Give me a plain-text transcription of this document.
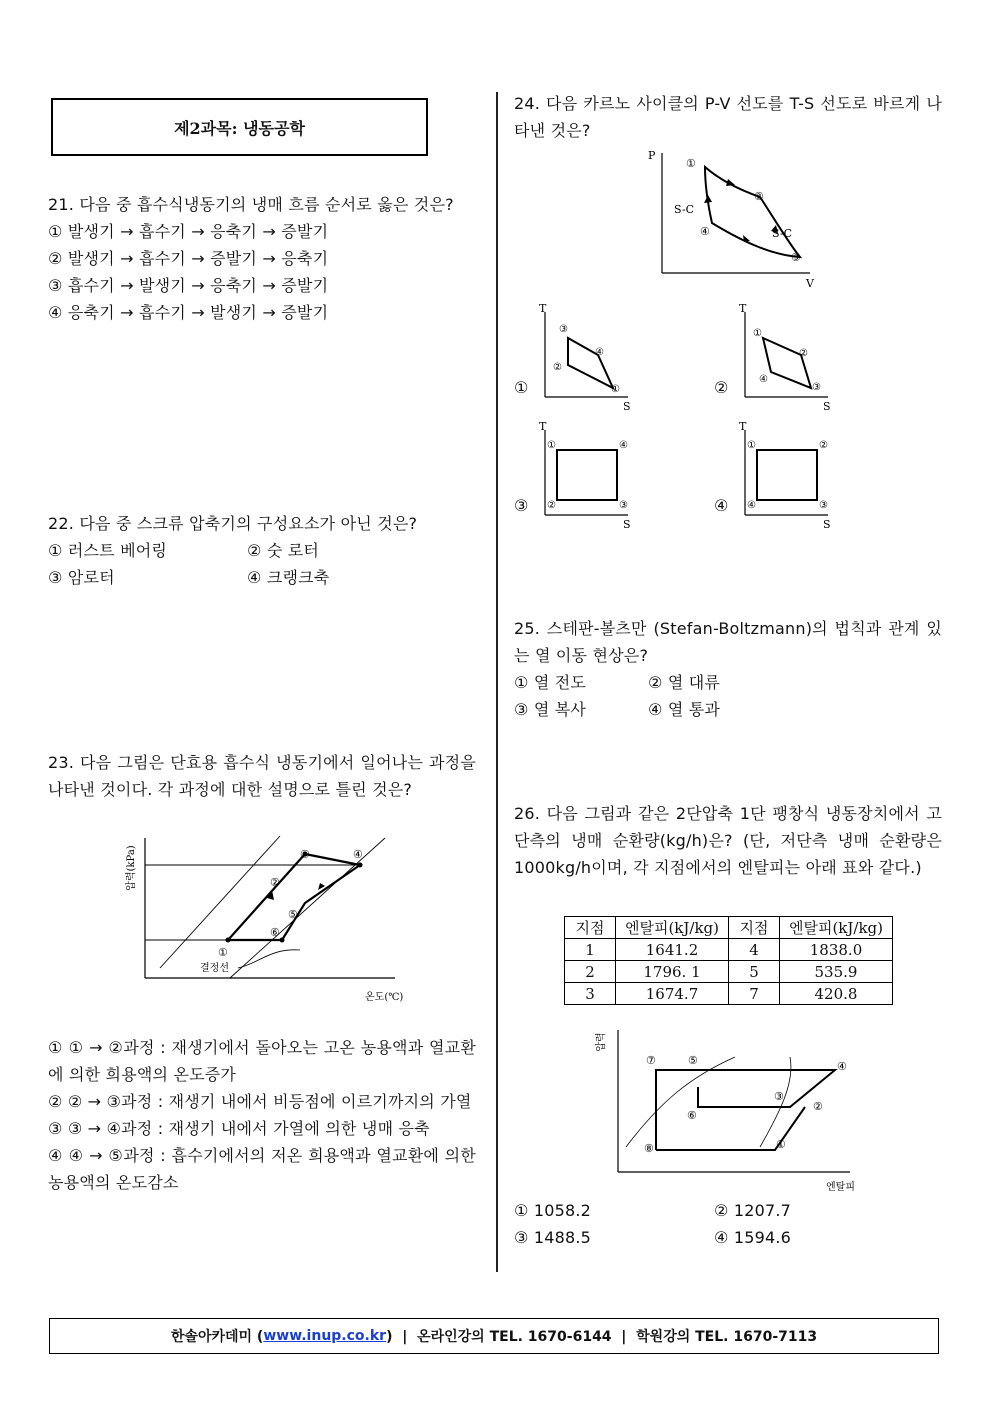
제2과목: 냉동공학
21. 다음 중 흡수식냉동기의 냉매 흐름 순서로 옳은 것은?
① 발생기 → 흡수기 → 응축기 → 증발기
② 발생기 → 흡수기 → 증발기 → 응축기
③ 흡수기 → 발생기 → 응축기 → 증발기
④ 응축기 → 흡수기 → 발생기 → 증발기
22. 다음 중 스크류 압축기의 구성요소가 아닌 것은?
① 러스트 베어링	② 숫 로터
③ 암로터	④ 크랭크축
23. 다음 그림은 단효용 흡수식 냉동기에서 일어나는 과정을 나타낸 것이다. 각 과정에 대한 설명으로 틀린 것은?
압력(kPa)
온도(℃)
①
②
③	④
⑤
⑥
결정선
① ① → ②과정 : 재생기에서 돌아오는 고온 농용액과 열교환에 의한 희용액의 온도증가
② ② → ③과정 : 재생기 내에서 비등점에 이르기까지의 가열
③ ③ → ④과정 : 재생기 내에서 가열에 의한 냉매 응축
④ ④ → ⑤과정 : 흡수기에서의 저온 희용액과 열교환에 의한 농용액의 온도감소
24. 다음 카르노 사이클의 P-V 선도를 T-S 선도로 바르게 나타낸 것은?
P
V
①
②
③
④
S-C
S-C
①
T
S
③
④
①
②
②
T
S
①
②
③
④
③
T
S
①	④
③
②	④
T
S
①	②
③
④
25. 스테판-볼츠만 (Stefan-Boltzmann)의 법칙과 관계 있는 열 이동 현상은?
① 열 전도	② 열 대류
③ 열 복사	④ 열 통과
26. 다음 그림과 같은 2단압축 1단 팽창식 냉동장치에서 고단측의 냉매 순환량(kg/h)은? (단, 저단측 냉매 순환량은 1000kg/h이며, 각 지점에서의 엔탈피는 아래 표와 같다.)
지점	엔탈피(kJ/kg)	지점	엔탈피(kJ/kg)
1	1641.2	4	1838.0
2	1796. 1	5	535.9
3	1674.7	7	420.8
압력
엔탈피
⑦	⑤	④
③
②
⑥
①
⑧
① 1058.2	② 1207.7
③ 1488.5	④ 1594.6
한솔아카데미 ( www.inup.co.kr )  |  온라인강의 TEL. 1670-6144  |  학원강의 TEL. 1670-7113
